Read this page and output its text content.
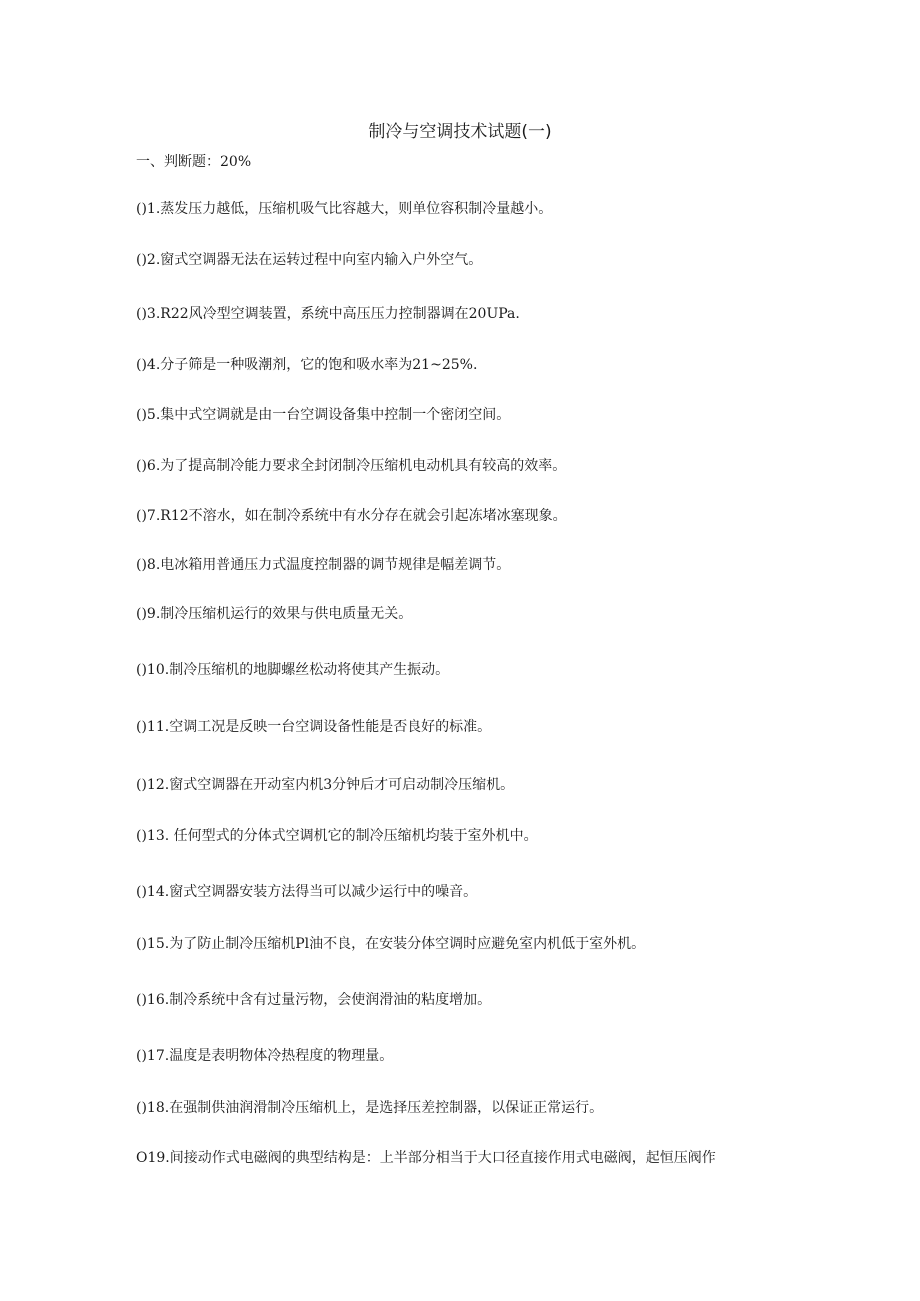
制冷与空调技术试题(一)
一、判断题：20%
()1.蒸发压力越低，压缩机吸气比容越大，则单位容积制冷量越小。
()2.窗式空调器无法在运转过程中向室内输入户外空气。
()3.R22风冷型空调装置，系统中高压压力控制器调在20UPa.
()4.分子筛是一种吸潮剂，它的饱和吸水率为21~25%.
()5.集中式空调就是由一台空调设备集中控制一个密闭空间。
()6.为了提高制冷能力要求全封闭制冷压缩机电动机具有较高的效率。
()7.R12不溶水，如在制冷系统中有水分存在就会引起冻堵冰塞现象。
()8.电冰箱用普通压力式温度控制器的调节规律是幅差调节。
()9.制冷压缩机运行的效果与供电质量无关。
()10.制冷压缩机的地脚螺丝松动将使其产生振动。
()11.空调工况是反映一台空调设备性能是否良好的标准。
()12.窗式空调器在开动室内机3分钟后才可启动制冷压缩机。
()13. 任何型式的分体式空调机它的制冷压缩机均装于室外机中。
()14.窗式空调器安装方法得当可以减少运行中的噪音。
()15.为了防止制冷压缩机Pl油不良，在安装分体空调时应避免室内机低于室外机。
()16.制冷系统中含有过量污物，会使润滑油的粘度增加。
()17.温度是表明物体冷热程度的物理量。
()18.在强制供油润滑制冷压缩机上，是选择压差控制器，以保证正常运行。
O19.间接动作式电磁阀的典型结构是：上半部分相当于大口径直接作用式电磁阀，起恒压阀作
